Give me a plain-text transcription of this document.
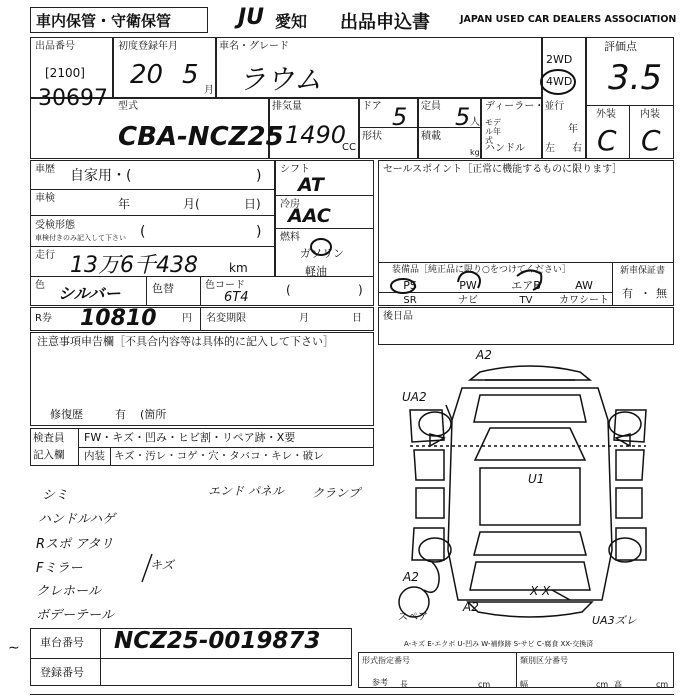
車内保管・守衛保管	JU 愛知 出品申込書	JAPAN USED CAR DEALERS ASSOCIATION
出品番号
[2100]
30697
初度登録年月
20 5
月
車名・グレード
ラウム
2WD
4WD
評価点
3.5
型式
CBA-NCZ25
排気量
1490
CC
ドア 5 定員 5 人
形状	積載
kg
ディーラー・並行
モデル年式
年
ハンドル 左 右
外装 内装
C C
車歴 自家用・(	)
車検	年	月(	日)
受検形態
車検付きのみ記入して下さい (	)
走行 13万6千438	km
色 シルバー	色替	色コード
6T4
シフト
AT
冷房
AAC
燃料
ガソリン
軽油
(	)
R券 10810	円 名変期限	月	日
セールスポイント［正常に機能するものに限ります］
装備品［純正品に限り○をつけてください］
PS	PW	エアB	AW
SR	ナビ	TV	カワシート
新車保証書
有 ・ 無
後日品
注意事項申告欄［不具合内容等は具体的に記入して下さい］
修復歴	有 (箇所
検査員
記入欄
FW・キズ・凹み・ヒビ割・リペア跡・X要
内装 キズ・汚レ・コゲ・穴・タバコ・キレ・破レ
シミ
ハンドルハゲ
Rスポ アタリ
Fミラー
クレホール
ボデーテール
エンド パネル クランプ
キズ
A2
UA2
U1
A2
A2
X X
UA3ズレ
スペア
A-キズ E-エクボ U-凹み W-補修跡 S-サビ C-腐食 XX-交換済
車台番号 NCZ25-0019873
登録番号
∼
形式指定番号
参考
類別区分番号
cm	cm	cm
長	幅	高
